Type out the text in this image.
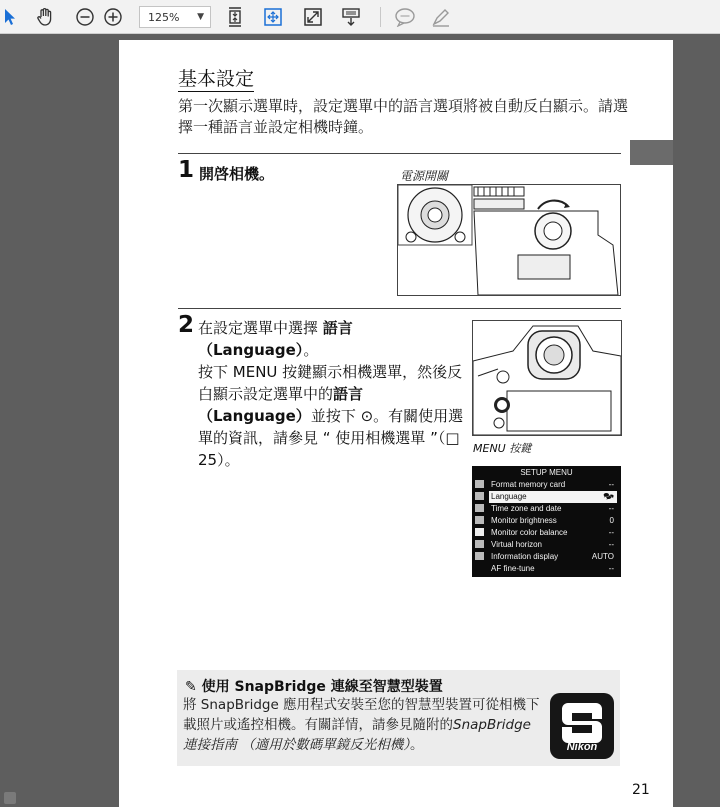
125% ▼
基本設定
第一次顯示選單時，設定選單中的語言選項將被自動反白顯示。請選擇一種語言並設定相機時鐘。
1 開啓相機。	電源開關
2 在設定選單中選擇 語言
（Language）。
按下 MENU 按鍵顯示相機選單，然後反白顯示設定選單中的語言
（Language）並按下 ⊙。有關使用選單的資訊，請參見 “ 使用相機選單 ”（□ 25）。
MENU 按鍵
SETUP MENU
Format memory card	--
Language	🗫
Time zone and date	--
Monitor brightness	0
Monitor color balance	--
Virtual horizon	--
Information display	AUTO
AF fine-tune	--
✎ 使用 SnapBridge 連線至智慧型裝置
將 SnapBridge 應用程式安裝至您的智慧型裝置可從相機下載照片或遙控相機。有關詳情，請參見隨附的SnapBridge 連接指南 （適用於數碼單鏡反光相機）。	Nikon
21
